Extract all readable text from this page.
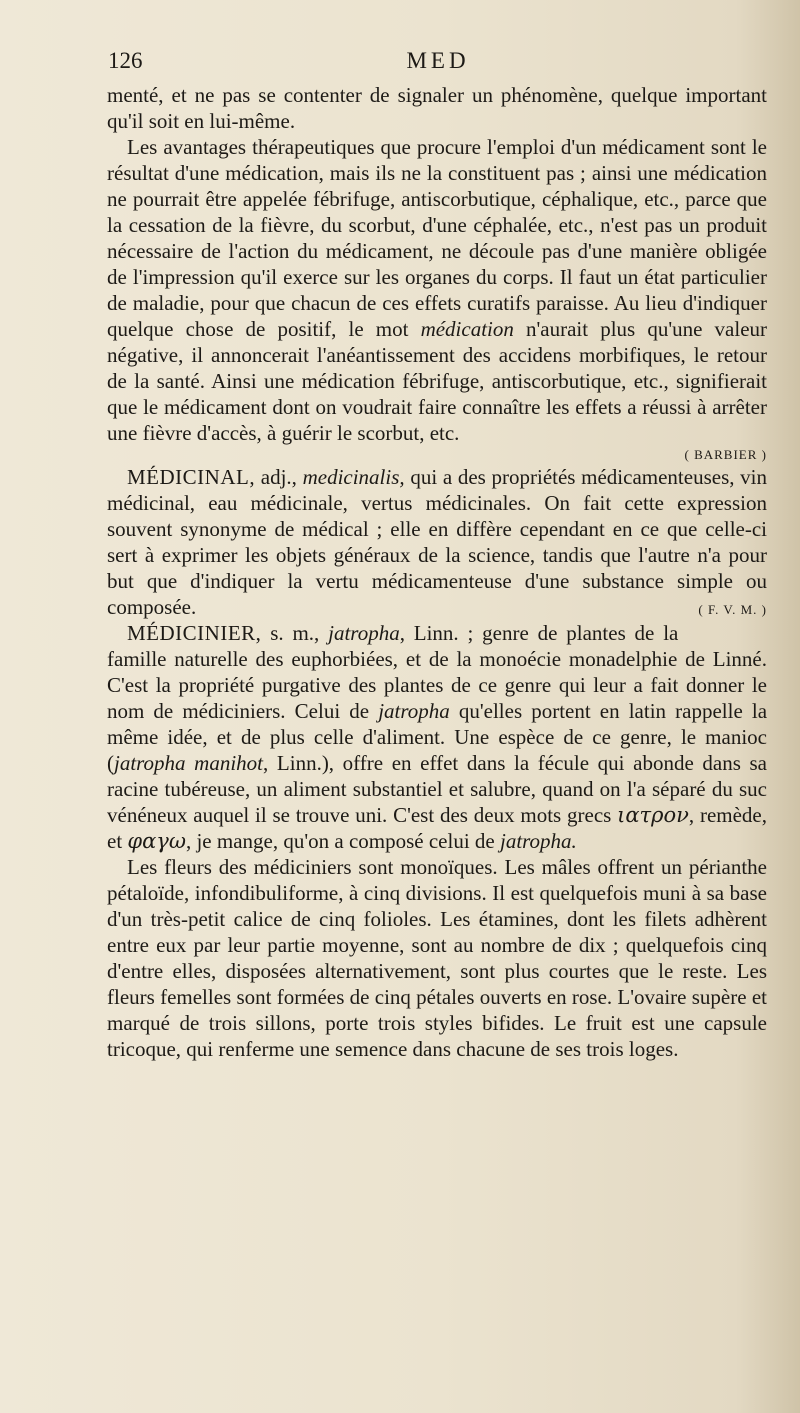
126	MED

menté, et ne pas se contenter de signaler un phénomène, quelque important qu'il soit en lui-même.

Les avantages thérapeutiques que procure l'emploi d'un médicament sont le résultat d'une médication, mais ils ne la constituent pas ; ainsi une médication ne pourrait être appelée fébrifuge, antiscorbutique, céphalique, etc., parce que la cessation de la fièvre, du scorbut, d'une céphalée, etc., n'est pas un produit nécessaire de l'action du médicament, ne découle pas d'une manière obligée de l'impression qu'il exerce sur les organes du corps. Il faut un état particulier de maladie, pour que chacun de ces effets curatifs paraisse. Au lieu d'indiquer quelque chose de positif, le mot médication n'aurait plus qu'une valeur négative, il annoncerait l'anéantissement des accidens morbifiques, le retour de la santé. Ainsi une médication fébrifuge, antiscorbutique, etc., signifierait que le médicament dont on voudrait faire connaître les effets a réussi à arrêter une fièvre d'accès, à guérir le scorbut, etc.

( BARBIER )

MÉDICINAL, adj., medicinalis, qui a des propriétés médicamenteuses, vin médicinal, eau médicinale, vertus médicinales. On fait cette expression souvent synonyme de médical ; elle en diffère cependant en ce que celle-ci sert à exprimer les objets généraux de la science, tandis que l'autre n'a pour but que d'indiquer la vertu médicamenteuse d'une substance simple ou composée.	( F. V. M. )

MÉDICINIER, s. m., jatropha, Linn. ; genre de plantes de la famille naturelle des euphorbiées, et de la monoécie monadelphie de Linné. C'est la propriété purgative des plantes de ce genre qui leur a fait donner le nom de médiciniers. Celui de jatropha qu'elles portent en latin rappelle la même idée, et de plus celle d'aliment. Une espèce de ce genre, le manioc (jatropha manihot, Linn.), offre en effet dans la fécule qui abonde dans sa racine tubéreuse, un aliment substantiel et salubre, quand on l'a séparé du suc vénéneux auquel il se trouve uni. C'est des deux mots grecs ιατρον, remède, et φαγω, je mange, qu'on a composé celui de jatropha.

Les fleurs des médiciniers sont monoïques. Les mâles offrent un périanthe pétaloïde, infondibuliforme, à cinq divisions. Il est quelquefois muni à sa base d'un très-petit calice de cinq folioles. Les étamines, dont les filets adhèrent entre eux par leur partie moyenne, sont au nombre de dix ; quelquefois cinq d'entre elles, disposées alternativement, sont plus courtes que le reste. Les fleurs femelles sont formées de cinq pétales ouverts en rose. L'ovaire supère et marqué de trois sillons, porte trois styles bifides. Le fruit est une capsule tricoque, qui renferme une semence dans chacune de ses trois loges.
